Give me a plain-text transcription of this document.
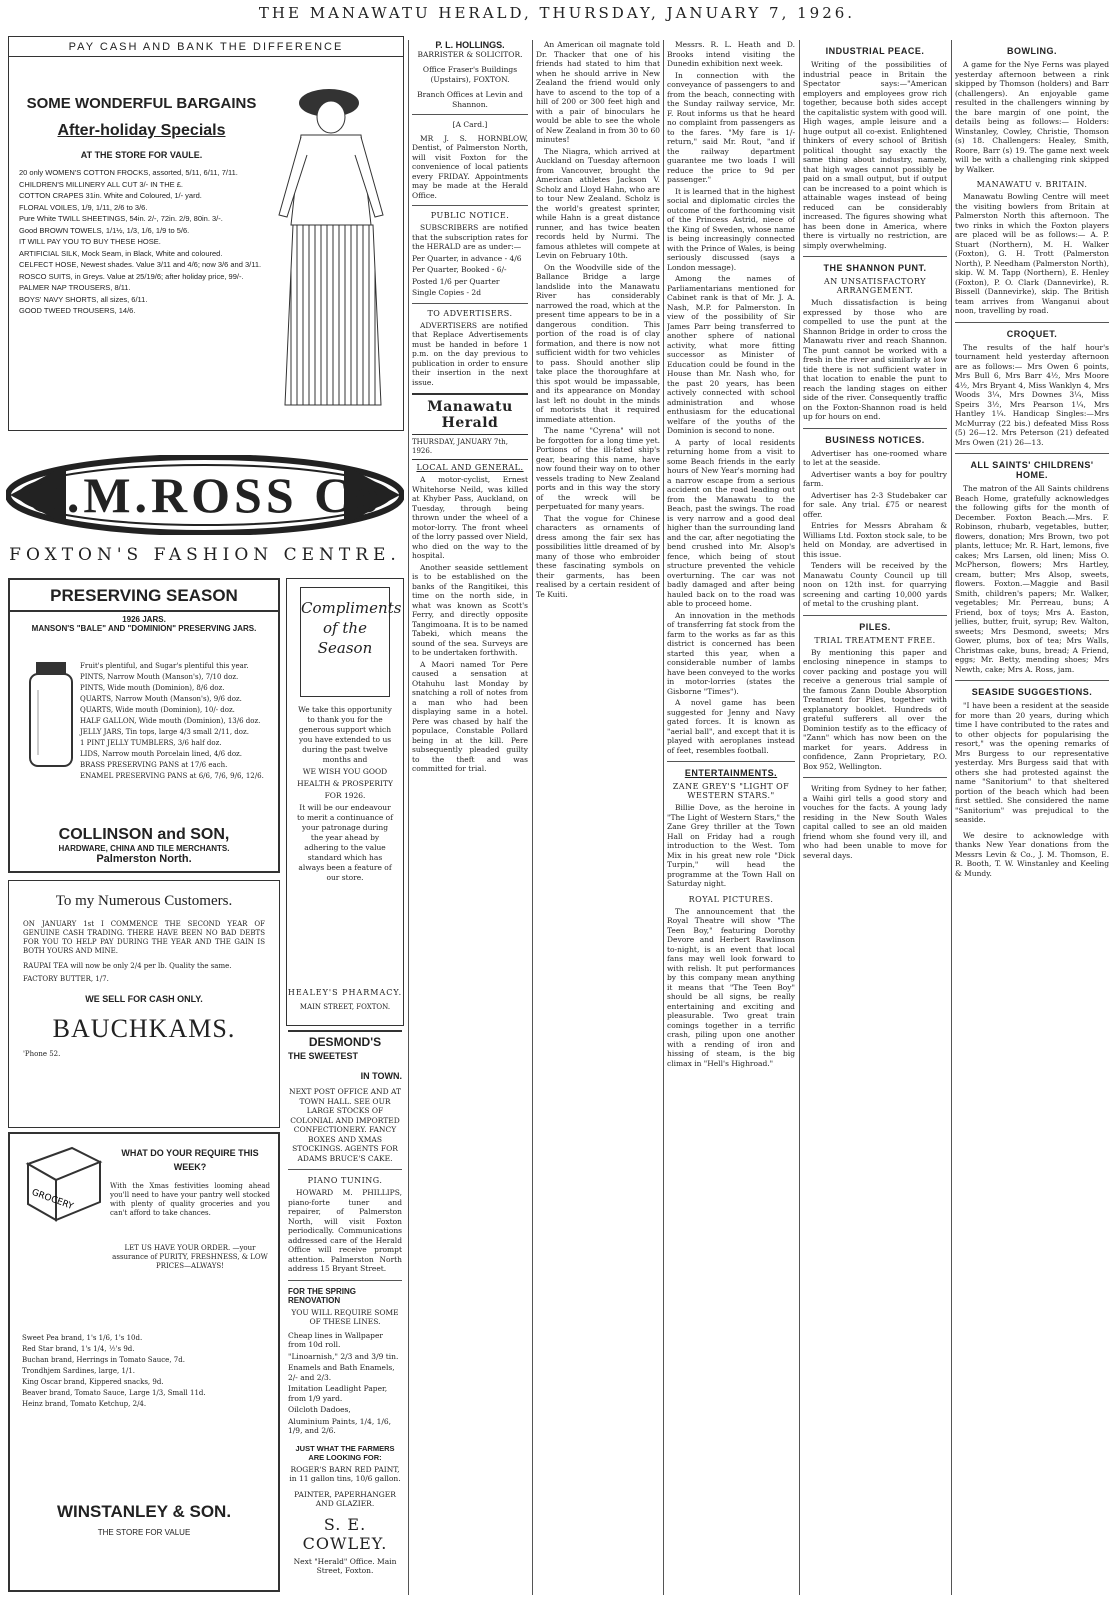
THE MANAWATU HERALD, THURSDAY, JANUARY 7, 1926.
PAY CASH AND BANK THE DIFFERENCE
SOME WONDERFUL BARGAINS
After-holiday Specials
AT THE STORE FOR VAULE.
20 only WOMEN'S COTTON FROCKS, assorted, 5/11, 6/11, 7/11.
CHILDREN'S MILLINERY ALL CUT 3/- IN THE £.
COTTON CRAPES 31in. White and Coloured, 1/- yard.
FLORAL VOILES, 1/9, 1/11, 2/6 to 3/6.
Pure White TWILL SHEETINGS, 54in. 2/-, 72in. 2/9, 80in. 3/-.
Good BROWN TOWELS, 1/1½, 1/3, 1/6, 1/9 to 5/6.
IT WILL PAY YOU TO BUY THESE HOSE.
ARTIFICIAL SILK, Mock Seam, in Black, White and coloured.
CELFECT HOSE, Newest shades. Value 3/11 and 4/6; now 3/6 and 3/11.
ROSCO SUITS, in Greys. Value at 25/19/6; after holiday price, 99/-.
PALMER NAP TROUSERS, 8/11.
BOYS' NAVY SHORTS, all sizes, 6/11.
GOOD TWEED TROUSERS, 14/6.
C.M.ROSS Co
FOXTON'S FASHION CENTRE.
PRESERVING SEASON
1926 JARS.
MANSON'S "BALE" AND "DOMINION" PRESERVING JARS.
Fruit's plentiful, and Sugar's plentiful this year.
PINTS, Narrow Mouth (Manson's), 7/10 doz.
PINTS, Wide mouth (Dominion), 8/6 doz.
QUARTS, Narrow Mouth (Manson's), 9/6 doz.
QUARTS, Wide mouth (Dominion), 10/- doz.
HALF GALLON, Wide mouth (Dominion), 13/6 doz.
JELLY JARS, Tin tops, large 4/3 small 2/11, doz.
1 PINT JELLY TUMBLERS, 3/6 half doz.
LIDS, Narrow mouth Porcelain lined, 4/6 doz.
BRASS PRESERVING PANS at 17/6 each.
ENAMEL PRESERVING PANS at 6/6, 7/6, 9/6, 12/6.
COLLINSON and SON,
HARDWARE, CHINA AND TILE MERCHANTS.
Palmerston North.
Compliments of the Season
We take this opportunity to thank you for the generous support which you have extended to us during the past twelve months and
WE WISH YOU GOOD
HEALTH & PROSPERITY
FOR 1926.
It will be our endeavour to merit a continuance of your patronage during the year ahead by adhering to the value standard which has always been a feature of our store.
HEALEY'S PHARMACY.
MAIN STREET, FOXTON.
To my Numerous Customers.
ON JANUARY 1st I COMMENCE THE SECOND YEAR OF GENUINE CASH TRADING. THERE HAVE BEEN NO BAD DEBTS FOR YOU TO HELP PAY DURING THE YEAR AND THE GAIN IS BOTH YOURS AND MINE.
RAUPAI TEA will now be only 2/4 per lb. Quality the same.
FACTORY BUTTER, 1/7.
WE SELL FOR CASH ONLY.
BAUCHKAMS.
'Phone 52.
GROCERY
WHAT DO YOUR REQUIRE THIS WEEK?
With the Xmas festivities looming ahead you'll need to have your pantry well stocked with plenty of quality groceries and you can't afford to take chances.
LET US HAVE YOUR ORDER. —your assurance of PURITY, FRESHNESS, & LOW PRICES—ALWAYS!
Sweet Pea brand, 1's 1/6, 1's 10d.
Red Star brand, 1's 1/4, ½'s 9d.
Buchan brand, Herrings in Tomato Sauce, 7d.
Trondhjem Sardines, large, 1/1.
King Oscar brand, Kippered snacks, 9d.
Beaver brand, Tomato Sauce, Large 1/3, Small 11d.
Heinz brand, Tomato Ketchup, 2/4.
WINSTANLEY & SON.
THE STORE FOR VALUE
P. L. HOLLINGS.
BARRISTER & SOLICITOR.
Office Fraser's Buildings (Upstairs), FOXTON.
Branch Offices at Levin and Shannon.
[A Card.]

MR J. S. HORNBLOW, Dentist, of Palmerston North, will visit Foxton for the convenience of local patients every FRIDAY. Appointments may be made at the Herald Office.

PUBLIC NOTICE.

SUBSCRIBERS are notified that the subscription rates for the HERALD are as under:—

Per Quarter, in advance - 4/6
Per Quarter, Booked - 6/-
Posted 1/6 per Quarter
Single Copies - 2d
TO ADVERTISERS.

ADVERTISERS are notified that Replace Advertisements must be handed in before 1 p.m. on the day previous to publication in order to ensure their insertion in the next issue.

Manawatu Herald
THURSDAY, JANUARY 7th, 1926.
LOCAL AND GENERAL.

A motor-cyclist, Ernest Whitehorse Neild, was killed at Khyber Pass, Auckland, on Tuesday, through being thrown under the wheel of a motor-lorry. The front wheel of the lorry passed over Nield, who died on the way to the hospital.

Another seaside settlement is to be established on the banks of the Rangitikei, this time on the north side, in what was known as Scott's Ferry, and directly opposite Tangimoana. It is to be named Tabeki, which means the sound of the sea. Surveys are to be undertaken forthwith.

A Maori named Tor Pere caused a sensation at Otahuhu last Monday by snatching a roll of notes from a man who had been displaying same in a hotel. Pere was chased by half the populace, Constable Pollard being in at the kill. Pere subsequently pleaded guilty to the theft and was committed for trial.

DESMOND'S
THE SWEETEST
IN TOWN.
NEXT POST OFFICE AND AT TOWN HALL. SEE OUR LARGE STOCKS OF COLONIAL AND IMPORTED CONFECTIONERY. FANCY BOXES AND XMAS STOCKINGS. AGENTS FOR ADAMS BRUCE'S CAKE.
PIANO TUNING.

HOWARD M. PHILLIPS, piano-forte tuner and repairer, of Palmerston North, will visit Foxton periodically. Communications addressed care of the Herald Office will receive prompt attention. Palmerston North address 15 Bryant Street.

FOR THE SPRING RENOVATION
YOU WILL REQUIRE SOME OF THESE LINES.
Cheap lines in Wallpaper from 10d roll.
"Linoarnish," 2/3 and 3/9 tin.
Enamels and Bath Enamels, 2/- and 2/3.
Imitation Leadlight Paper, from 1/9 yard.
Oilcloth Dadoes,
Aluminium Paints, 1/4, 1/6, 1/9, and 2/6.
JUST WHAT THE FARMERS ARE LOOKING FOR:
ROGER'S BARN RED PAINT, in 11 gallon tins, 10/6 gallon.
PAINTER, PAPERHANGER AND GLAZIER.
S. E. COWLEY.
Next "Herald" Office. Main Street, Foxton.

An American oil magnate told Dr. Thacker that one of his friends had stated to him that when he should arrive in New Zealand the friend would only have to ascend to the top of a hill of 200 or 300 feet high and with a pair of binoculars he would be able to see the whole of New Zealand in from 30 to 60 minutes!

The Niagra, which arrived at Auckland on Tuesday afternoon from Vancouver, brought the American athletes Jackson V. Scholz and Lloyd Hahn, who are to tour New Zealand. Scholz is the world's greatest sprinter, while Hahn is a great distance runner, and has twice beaten records held by Nurmi. The famous athletes will compete at Levin on February 10th.

On the Woodville side of the Ballance Bridge a large landslide into the Manawatu River has considerably narrowed the road, which at the present time appears to be in a dangerous condition. This portion of the road is of clay formation, and there is now not sufficient width for two vehicles to pass. Should another slip take place the thoroughfare at this spot would be impassable, and its appearance on Monday last left no doubt in the minds of motorists that it required immediate attention.

The name "Cyrena" will not be forgotten for a long time yet. Portions of the ill-fated ship's gear, bearing this name, have now found their way on to other vessels trading to New Zealand ports and in this way the story of the wreck will be perpetuated for many years.

That the vogue for Chinese characters as ornaments of dress among the fair sex has possibilities little dreamed of by many of those who embroider these fascinating symbols on their garments, has been realised by a certain resident of Te Kuiti.

Messrs. R. L. Heath and D. Brooks intend visiting the Dunedin exhibition next week.

In connection with the conveyance of passengers to and from the beach, connecting with the Sunday railway service, Mr. F. Rout informs us that he heard no complaint from passengers as to the fares. "My fare is 1/- return," said Mr. Rout, "and if the railway department guarantee me two loads I will reduce the price to 9d per passenger."
It is learned that in the highest social and diplomatic circles the outcome of the forthcoming visit of the Princess Astrid, niece of the King of Sweden, whose name is being increasingly connected with the Prince of Wales, is being seriously discussed (says a London message).
Among the names of Parliamentarians mentioned for Cabinet rank is that of Mr. J. A. Nash, M.P. for Palmerston. In view of the possibility of Sir James Parr being transferred to another sphere of national activity, what more fitting successor as Minister of Education could be found in the House than Mr. Nash who, for the past 20 years, has been actively connected with school administration and whose enthusiasm for the educational welfare of the youths of the Dominion is second to none.
A party of local residents returning home from a visit to some Beach friends in the early hours of New Year's morning had a narrow escape from a serious accident on the road leading out from the Manawatu to the Beach, past the swings. The road is very narrow and a good deal higher than the surrounding land and the car, after negotiating the bend crushed into Mr. Alsop's fence, which being of stout structure prevented the vehicle overturning. The car was not badly damaged and after being hauled back on to the road was able to proceed home.
An innovation in the methods of transferring fat stock from the farm to the works as far as this district is concerned has been started this year, when a considerable number of lambs have been conveyed to the works in motor-lorries (states the Gisborne "Times").
A novel game has been suggested for Jenny and Navy gated forces. It is known as "aerial ball", and except that it is played with aeroplanes instead of feet, resembles football.
ENTERTAINMENTS.
ZANE GREY'S "LIGHT OF WESTERN STARS."

Billie Dove, as the heroine in "The Light of Western Stars," the Zane Grey thriller at the Town Hall on Friday had a rough introduction to the West. Tom Mix in his great new role "Dick Turpin," will head the programme at the Town Hall on Saturday night.

ROYAL PICTURES.

The announcement that the Royal Theatre will show "The Teen Boy," featuring Dorothy Devore and Herbert Rawlinson to-night, is an event that local fans may well look forward to with relish. It put performances by this company mean anything it means that "The Teen Boy" should be all signs, be really entertaining and exciting and pleasurable. Two great train comings together in a terrific crash, piling upon one another with a rending of iron and hissing of steam, is the big climax in "Hell's Highroad."

INDUSTRIAL PEACE.

Writing of the possibilities of industrial peace in Britain the Spectator says:—"American employers and employees grow rich together, because both sides accept the capitalistic system with good will. High wages, ample leisure and a huge output all co-exist. Enlightened thinkers of every school of British political thought say exactly the same thing about industry, namely, that high wages cannot possibly be paid on a small output, but if output can be increased to a point which is attainable wages instead of being reduced can be considerably increased. The figures showing what has been done in America, where there is virtually no restriction, are simply overwhelming.

THE SHANNON PUNT.
AN UNSATISFACTORY ARRANGEMENT.

Much dissatisfaction is being expressed by those who are compelled to use the punt at the Shannon Bridge in order to cross the Manawatu river and reach Shannon. The punt cannot be worked with a fresh in the river and similarly at low tide there is not sufficient water in that location to enable the punt to reach the landing stages on either side of the river. Consequently traffic on the Foxton-Shannon road is held up for hours on end.

BUSINESS NOTICES.
Advertiser has one-roomed whare to let at the seaside.
Advertiser wants a boy for poultry farm.
Advertiser has 2-3 Studebaker car for sale. Any trial. £75 or nearest offer.
Entries for Messrs Abraham & Williams Ltd. Foxton stock sale, to be held on Monday, are advertised in this issue.
Tenders will be received by the Manawatu County Council up till noon on 12th inst. for quarrying screening and carting 10,000 yards of metal to the crushing plant.
PILES.
TRIAL TREATMENT FREE.

By mentioning this paper and enclosing ninepence in stamps to cover packing and postage you will receive a generous trial sample of the famous Zann Double Absorption Treatment for Piles, together with explanatory booklet. Hundreds of grateful sufferers all over the Dominion testify as to the efficacy of "Zann" which has now been on the market for years. Address in confidence, Zann Proprietary, P.O. Box 952, Wellington.

Writing from Sydney to her father, a Waihi girl tells a good story and vouches for the facts. A young lady residing in the New South Wales capital called to see an old maiden friend whom she found very ill, and who had been unable to move for several days.

BOWLING.

A game for the Nye Ferns was played yesterday afternoon between a rink skipped by Thomson (holders) and Barr (challengers). An enjoyable game resulted in the challengers winning by the bare margin of one point, the details being as follows:— Holders: Winstanley, Cowley, Christie, Thomson (s) 18. Challengers: Healey, Smith, Roore, Barr (s) 19. The game next week will be with a challenging rink skipped by Walker.

MANAWATU v. BRITAIN.

Manawatu Bowling Centre will meet the visiting bowlers from Britain at Palmerston North this afternoon. The two rinks in which the Foxton players are placed will be as follows:— A. P. Stuart (Northern), M. H. Walker (Foxton), G. H. Trott (Palmerston North), P. Needham (Palmerston North), skip. W. M. Tapp (Northern), E. Henley (Foxton), P. O. Clark (Dannevirke), R. Bissell (Dannevirke), skip. The British team arrives from Wanganui about noon, travelling by road.

CROQUET.

The results of the half hour's tournament held yesterday afternoon are as follows:— Mrs Owen 6 points, Mrs Bull 6, Mrs Barr 4½, Mrs Moore 4½, Mrs Bryant 4, Miss Wanklyn 4, Mrs Woods 3¼, Mrs Downes 3¼, Miss Speirs 3½, Mrs Pearson 1¼, Mrs Hantley 1¼. Handicap Singles:—Mrs McMurray (22 bis.) defeated Miss Ross (5) 26—12. Mrs Peterson (21) defeated Mrs Owen (21) 26—13.

ALL SAINTS' CHILDRENS' HOME.

The matron of the All Saints childrens Beach Home, gratefully acknowledges the following gifts for the month of December. Foxton Beach.—Mrs. F. Robinson, rhubarb, vegetables, butter, flowers, donation; Mrs Brown, two pot plants, lettuce; Mr. R. Hart, lemons, five cakes; Mrs Larsen, old linen; Miss O. McPherson, flowers; Mrs Hartley, cream, butter; Mrs Alsop, sweets, flowers. Foxton.—Maggie and Basil Smith, children's papers; Mr. Walker, vegetables; Mr. Perreau, buns; A Friend, box of toys; Mrs A. Easton, jellies, butter, fruit, syrup; Rev. Walton, sweets; Mrs Desmond, sweets; Mrs Gower, plums, box of tea; Mrs Walls, Christmas cake, buns, bread; A Friend, eggs; Mr. Betty, mending shoes; Mrs Newth, cake; Mrs A. Ross, jam.

SEASIDE SUGGESTIONS.

"I have been a resident at the seaside for more than 20 years, during which time I have contributed to the rates and to other objects for popularising the resort," was the opening remarks of Mrs Burgess to our representative yesterday. Mrs Burgess said that with others she had protested against the name "Sanitorium" to that sheltered portion of the beach which had been first settled. She considered the name "Sanitorium" was prejudical to the seaside.

We desire to acknowledge with thanks New Year donations from the Messrs Levin & Co., J. M. Thomson, E. R. Booth, T. W. Winstanley and Keeling & Mundy.
